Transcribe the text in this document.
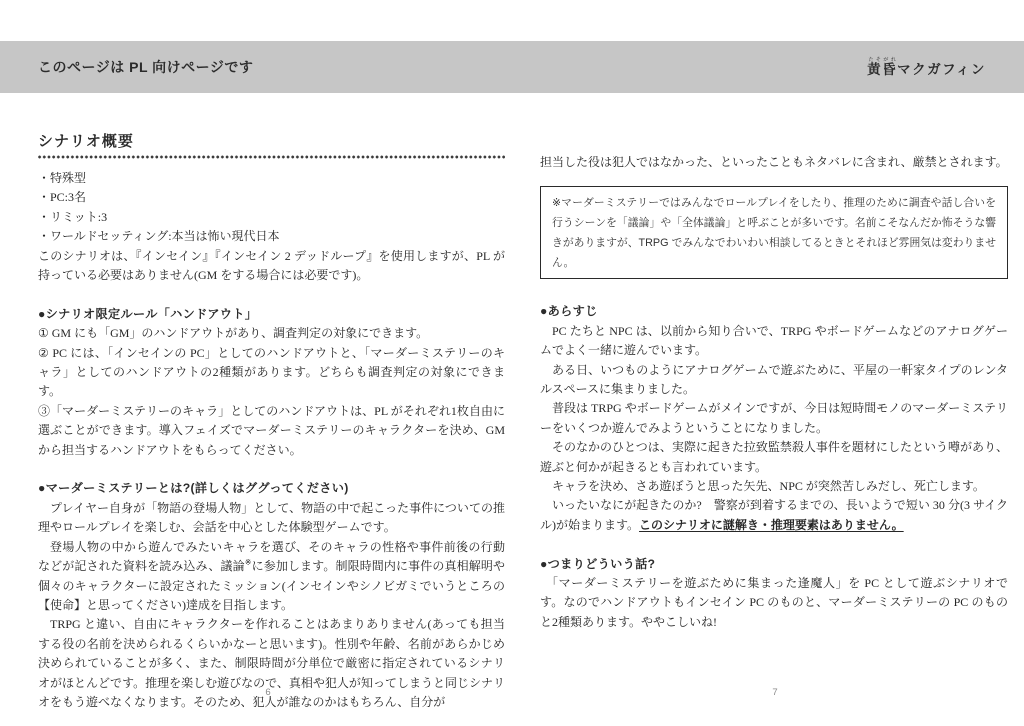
このページは PL 向けページです	黄昏たそがれマクガフィン
シナリオ概要

・特殊型

・PC:3名

・リミット:3

・ワールドセッティング:本当は怖い現代日本

このシナリオは、『インセイン』『インセイン 2 デッドループ』を使用しますが、PL が持っている必要はありません(GM をする場合には必要です)。

●シナリオ限定ルール「ハンドアウト」

① GM にも「GM」のハンドアウトがあり、調査判定の対象にできます。

② PC には、「インセインの PC」としてのハンドアウトと、「マーダーミステリーのキャラ」としてのハンドアウトの2種類があります。どちらも調査判定の対象にできます。

③「マーダーミステリーのキャラ」としてのハンドアウトは、PL がそれぞれ1枚自由に選ぶことができます。導入フェイズでマーダーミステリーのキャラクターを決め、GM から担当するハンドアウトをもらってください。

●マーダーミステリーとは?(詳しくはググってください)

プレイヤー自身が「物語の登場人物」として、物語の中で起こった事件についての推理やロールプレイを楽しむ、会話を中心とした体験型ゲームです。

登場人物の中から遊んでみたいキャラを選び、そのキャラの性格や事件前後の行動などが記された資料を読み込み、議論※に参加します。制限時間内に事件の真相解明や個々のキャラクターに設定されたミッション(インセインやシノビガミでいうところの【使命】と思ってください)達成を目指します。

TRPG と違い、自由にキャラクターを作れることはあまりありません(あっても担当する役の名前を決められるくらいかなーと思います)。性別や年齢、名前があらかじめ決められていることが多く、また、制限時間が分単位で厳密に指定されているシナリオがほとんどです。推理を楽しむ遊びなので、真相や犯人が知ってしまうと同じシナリオをもう遊べなくなります。そのため、犯人が誰なのかはもちろん、自分が

担当した役は犯人ではなかった、といったこともネタバレに含まれ、厳禁とされます。

※マーダーミステリーではみんなでロールプレイをしたり、推理のために調査や話し合いを行うシーンを「議論」や「全体議論」と呼ぶことが多いです。名前こそなんだか怖そうな響きがありますが、TRPG でみんなでわいわい相談してるときとそれほど雰囲気は変わりません。
●あらすじ

PC たちと NPC は、以前から知り合いで、TRPG やボードゲームなどのアナログゲームでよく一緒に遊んでいます。

ある日、いつものようにアナログゲームで遊ぶために、平屋の一軒家タイプのレンタルスペースに集まりました。

普段は TRPG やボードゲームがメインですが、今日は短時間モノのマーダーミステリーをいくつか遊んでみようということになりました。

そのなかのひとつは、実際に起きた拉致監禁殺人事件を題材にしたという噂があり、遊ぶと何かが起きるとも言われています。

キャラを決め、さあ遊ぼうと思った矢先、NPC が突然苦しみだし、死亡します。

いったいなにが起きたのか?　警察が到着するまでの、長いようで短い 30 分(3 サイクル)が始まります。このシナリオに謎解き・推理要素はありません。

●つまりどういう話?

「マーダーミステリーを遊ぶために集まった逢魔人」を PC として遊ぶシナリオです。なのでハンドアウトもインセイン PC のものと、マーダーミステリーの PC のものと2種類あります。ややこしいね!

6	7
